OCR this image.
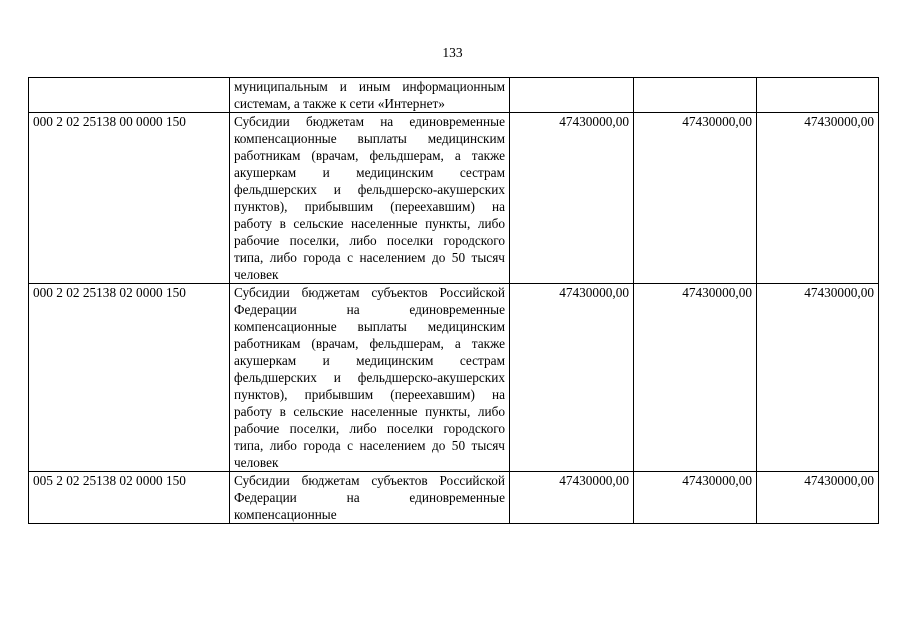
133
	муниципальным и иным информационным системам, а также к сети «Интернет»			
000 2 02 25138 00 0000 150	Субсидии бюджетам на единовременные компенсационные выплаты медицинским работникам (врачам, фельдшерам, а также акушеркам и медицинским сестрам фельдшерских и фельдшерско-акушерских пунктов), прибывшим (переехавшим) на работу в сельские населенные пункты, либо рабочие поселки, либо поселки городского типа, либо города с населением до 50 тысяч человек	47430000,00	47430000,00	47430000,00
000 2 02 25138 02 0000 150	Субсидии бюджетам субъектов Российской Федерации на единовременные компенсационные выплаты медицинским работникам (врачам, фельдшерам, а также акушеркам и медицинским сестрам фельдшерских и фельдшерско-акушерских пунктов), прибывшим (переехавшим) на работу в сельские населенные пункты, либо рабочие поселки, либо поселки городского типа, либо города с населением до 50 тысяч человек	47430000,00	47430000,00	47430000,00
005 2 02 25138 02 0000 150	Субсидии бюджетам субъектов Российской Федерации на единовременные компенсационные	47430000,00	47430000,00	47430000,00
